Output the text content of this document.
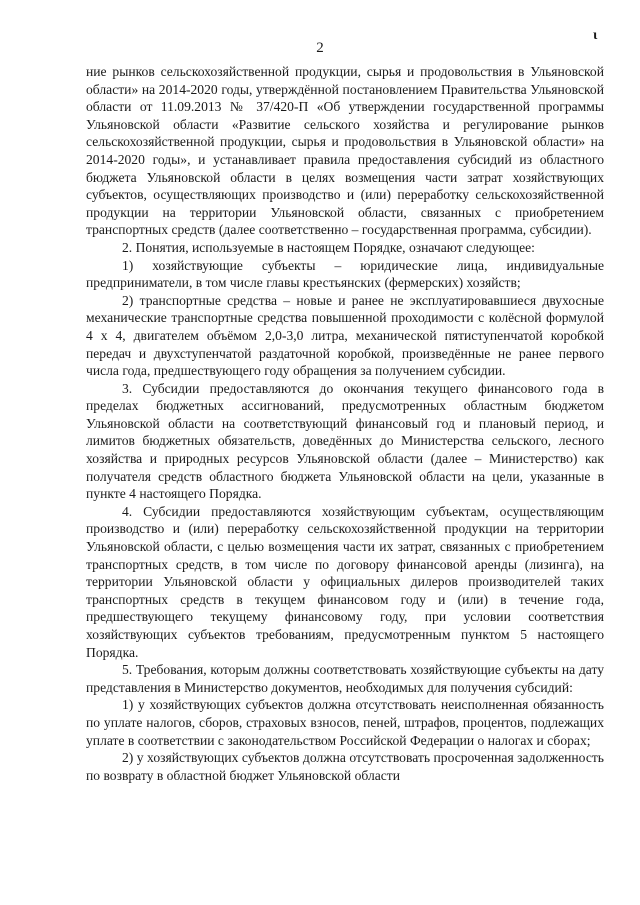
ɩ
2

ние рынков сельскохозяйственной продукции, сырья и продовольствия в Ульяновской области» на 2014-2020 годы, утверждённой постановлением Правительства Ульяновской области от 11.09.2013 № 37/420-П «Об утверждении государственной программы Ульяновской области «Развитие сельского хозяйства и регулирование рынков сельскохозяйственной продукции, сырья и продовольствия в Ульяновской области» на 2014-2020 годы», и устанавливает правила предоставления субсидий из областного бюджета Ульяновской области в целях возмещения части затрат хозяйствующих субъектов, осуществляющих производство и (или) переработку сельскохозяйственной продукции на территории Ульяновской области, связанных с приобретением транспортных средств (далее соответственно – государственная программа, субсидии).

2. Понятия, используемые в настоящем Порядке, означают следующее:

1) хозяйствующие субъекты – юридические лица, индивидуальные предприниматели, в том числе главы крестьянских (фермерских) хозяйств;

2) транспортные средства – новые и ранее не эксплуатировавшиеся двухосные механические транспортные средства повышенной проходимости с колёсной формулой 4 х 4, двигателем объёмом 2,0-3,0 литра, механической пятиступенчатой коробкой передач и двухступенчатой раздаточной коробкой, произведённые не ранее первого числа года, предшествующего году обращения за получением субсидии.

3. Субсидии предоставляются до окончания текущего финансового года в пределах бюджетных ассигнований, предусмотренных областным бюджетом Ульяновской области на соответствующий финансовый год и плановый период, и лимитов бюджетных обязательств, доведённых до Министерства сельского, лесного хозяйства и природных ресурсов Ульяновской области (далее – Министерство) как получателя средств областного бюджета Ульяновской области на цели, указанные в пункте 4 настоящего Порядка.

4. Субсидии предоставляются хозяйствующим субъектам, осуществляющим производство и (или) переработку сельскохозяйственной продукции на территории Ульяновской области, с целью возмещения части их затрат, связанных с приобретением транспортных средств, в том числе по договору финансовой аренды (лизинга), на территории Ульяновской области у официальных дилеров производителей таких транспортных средств в текущем финансовом году и (или) в течение года, предшествующего текущему финансовому году, при условии соответствия хозяйствующих субъектов требованиям, предусмотренным пунктом 5 настоящего Порядка.

5. Требования, которым должны соответствовать хозяйствующие субъекты на дату представления в Министерство документов, необходимых для получения субсидий:

1) у хозяйствующих субъектов должна отсутствовать неисполненная обязанность по уплате налогов, сборов, страховых взносов, пеней, штрафов, процентов, подлежащих уплате в соответствии с законодательством Российской Федерации о налогах и сборах;

2) у хозяйствующих субъектов должна отсутствовать просроченная задолженность по возврату в областной бюджет Ульяновской области
